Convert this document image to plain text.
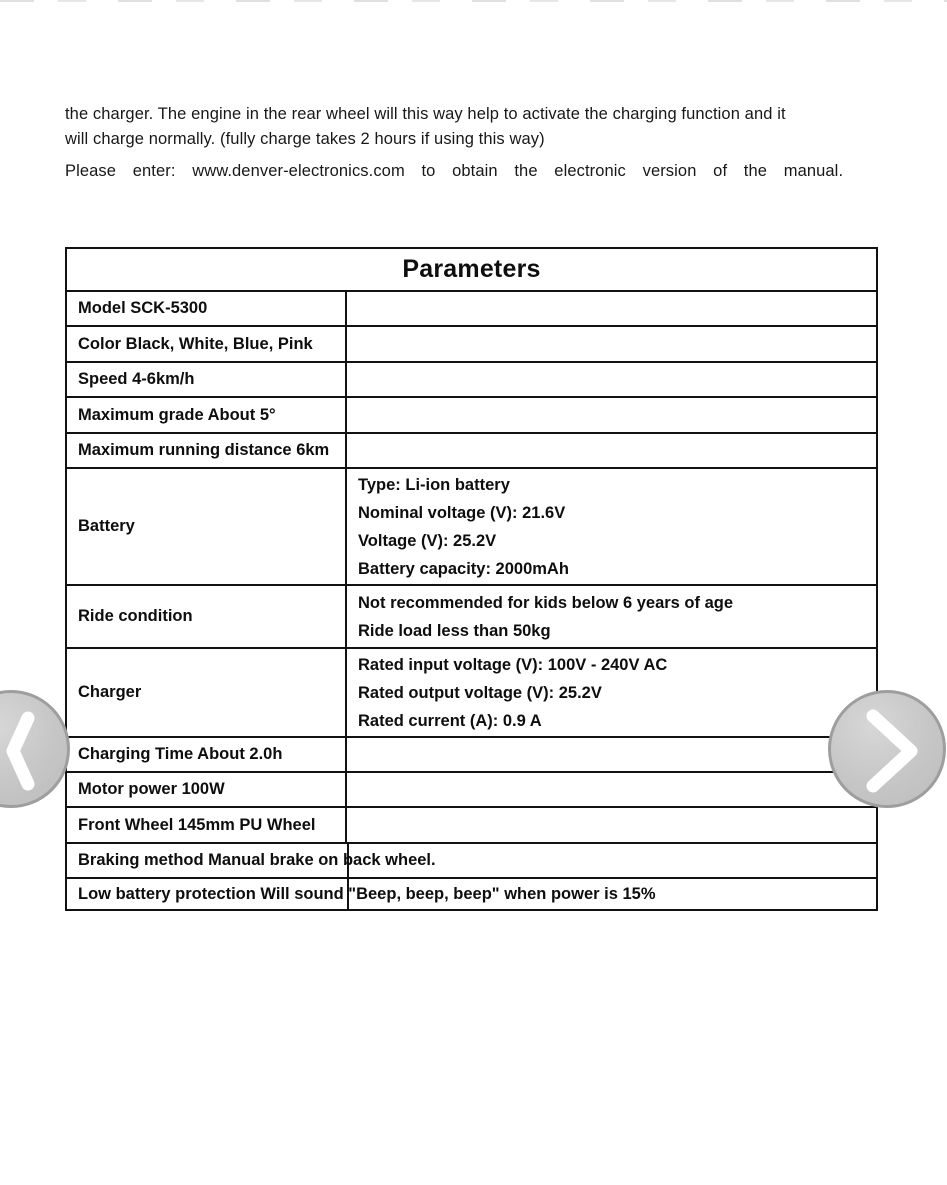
the charger. The engine in the rear wheel will this way help to activate the charging function and it will charge normally. (fully charge takes 2 hours if using this way)

Please enter: www.denver-electronics.com to obtain the electronic version of the manual.

Parameters
Model SCK-5300
Color Black, White, Blue, Pink
Speed 4-6km/h
Maximum grade About 5°
Maximum running distance 6km
Battery
Type: Li-ion battery
Nominal voltage (V): 21.6V
Voltage (V): 25.2V
Battery capacity: 2000mAh
Ride condition
Not recommended for kids below 6 years of age
Ride load less than 50kg
Charger
Rated input voltage (V): 100V - 240V AC
Rated output voltage (V): 25.2V
Rated current (A): 0.9 A
Charging Time About 2.0h
Motor power 100W
Front Wheel 145mm PU Wheel
Braking method Manual brake on back wheel.
Low battery protection Will sound "Beep, beep, beep" when power is 15%
